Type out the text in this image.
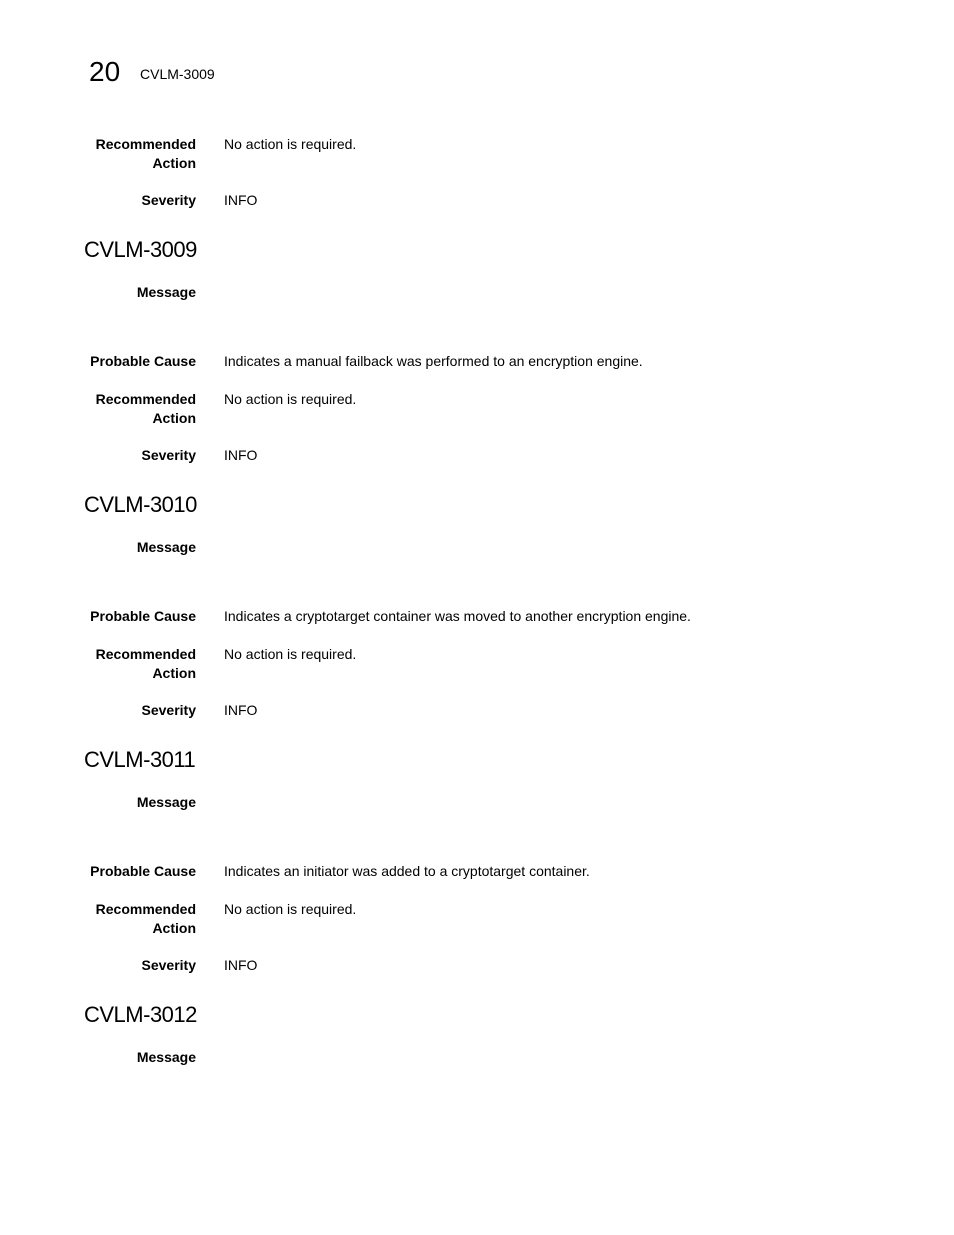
20 CVLM-3009
Recommended
Action
No action is required.
Severity INFO
CVLM-3009
Message
Probable Cause Indicates a manual failback was performed to an encryption engine.
Recommended
Action
No action is required.
Severity INFO
CVLM-3010
Message
Probable Cause Indicates a cryptotarget container was moved to another encryption engine.
Recommended
Action
No action is required.
Severity INFO
CVLM-3011
Message
Probable Cause Indicates an initiator was added to a cryptotarget container.
Recommended
Action
No action is required.
Severity INFO
CVLM-3012
Message
